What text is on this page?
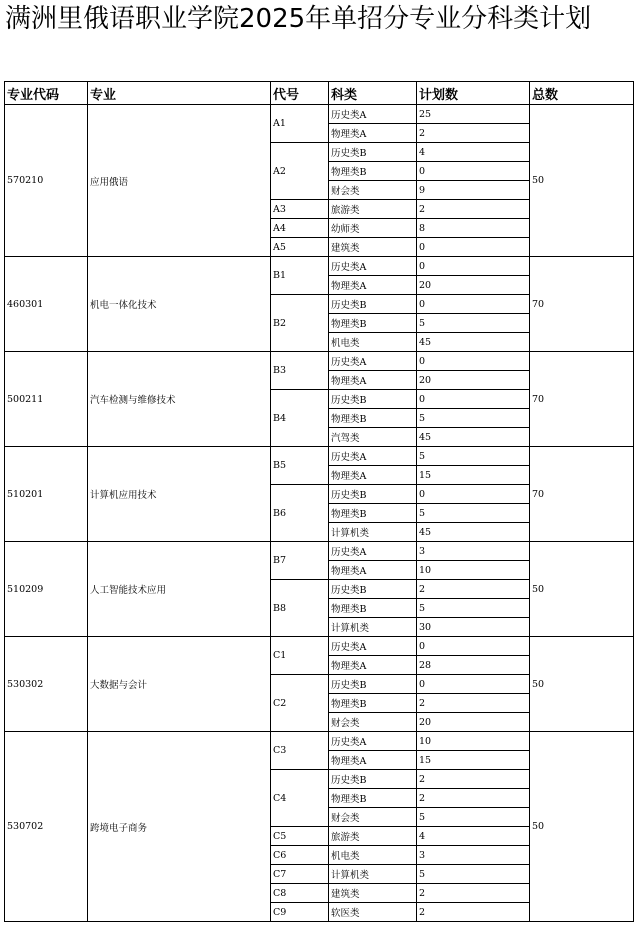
满洲里俄语职业学院2025年单招分专业分科类计划
专业代码	专业	代号	科类	计划数	总数
570210	应用俄语	A1	历史类A	25	50
			物理类A	2	
		A2	历史类B	4	
			物理类B	0	
			财会类	9	
		A3	旅游类	2	
		A4	幼师类	8	
		A5	建筑类	0	
460301	机电一体化技术	B1	历史类A	0	70
			物理类A	20	
		B2	历史类B	0	
			物理类B	5	
			机电类	45	
500211	汽车检测与维修技术	B3	历史类A	0	70
			物理类A	20	
		B4	历史类B	0	
			物理类B	5	
			汽驾类	45	
510201	计算机应用技术	B5	历史类A	5	70
			物理类A	15	
		B6	历史类B	0	
			物理类B	5	
			计算机类	45	
510209	人工智能技术应用	B7	历史类A	3	50
			物理类A	10	
		B8	历史类B	2	
			物理类B	5	
			计算机类	30	
530302	大数据与会计	C1	历史类A	0	50
			物理类A	28	
		C2	历史类B	0	
			物理类B	2	
			财会类	20	
530702	跨境电子商务	C3	历史类A	10	50
			物理类A	15	
		C4	历史类B	2	
			物理类B	2	
			财会类	5	
		C5	旅游类	4	
		C6	机电类	3	
		C7	计算机类	5	
		C8	建筑类	2	
		C9	软医类	2	
